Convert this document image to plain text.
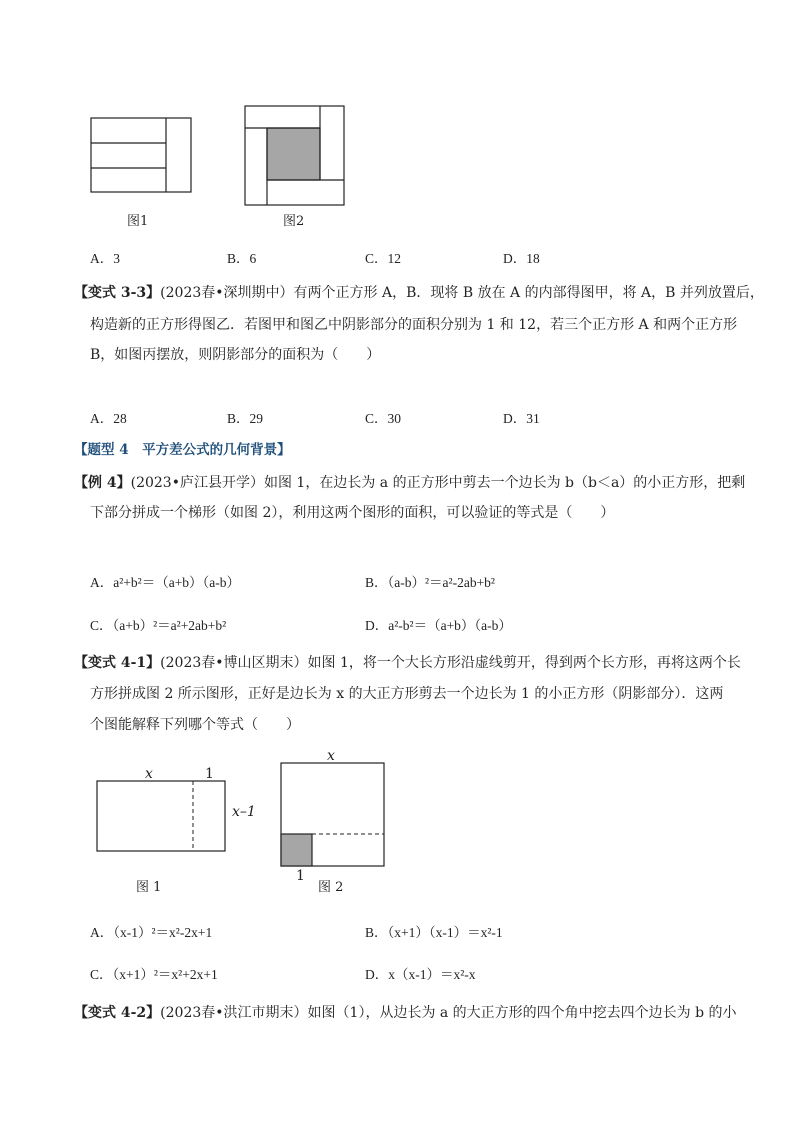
图1	图2
A．3	B．6	C．12	D．18
【变式 3-3】(2023春•深圳期中）有两个正方形 A，B．现将 B 放在 A 的内部得图甲，将 A，B 并列放置后，
构造新的正方形得图乙．若图甲和图乙中阴影部分的面积分别为 1 和 12，若三个正方形 A 和两个正方形
B，如图丙摆放，则阴影部分的面积为（　　）
A．28	B．29	C．30	D．31
【题型 4　平方差公式的几何背景】
【例 4】(2023•庐江县开学）如图 1，在边长为 a 的正方形中剪去一个边长为 b（b＜a）的小正方形，把剩
下部分拼成一个梯形（如图 2），利用这两个图形的面积，可以验证的等式是（　　）
A．a²+b²＝（a+b）（a-b）	B．（a-b）²＝a²-2ab+b²
C．（a+b）²＝a²+2ab+b²	D．a²-b²＝（a+b）（a-b）
【变式 4-1】(2023春•博山区期末）如图 1，将一个大长方形沿虚线剪开，得到两个长方形，再将这两个长
方形拼成图 2 所示图形，正好是边长为 x 的大正方形剪去一个边长为 1 的小正方形（阴影部分）．这两
个图能解释下列哪个等式（　　）
x	1
x–1
图 1
x
1
图 2
A．（x-1）²＝x²-2x+1	B．（x+1）（x-1）＝x²-1
C．（x+1）²＝x²+2x+1	D．x（x-1）＝x²-x
【变式 4-2】(2023春•洪江市期末）如图（1），从边长为 a 的大正方形的四个角中挖去四个边长为 b 的小
